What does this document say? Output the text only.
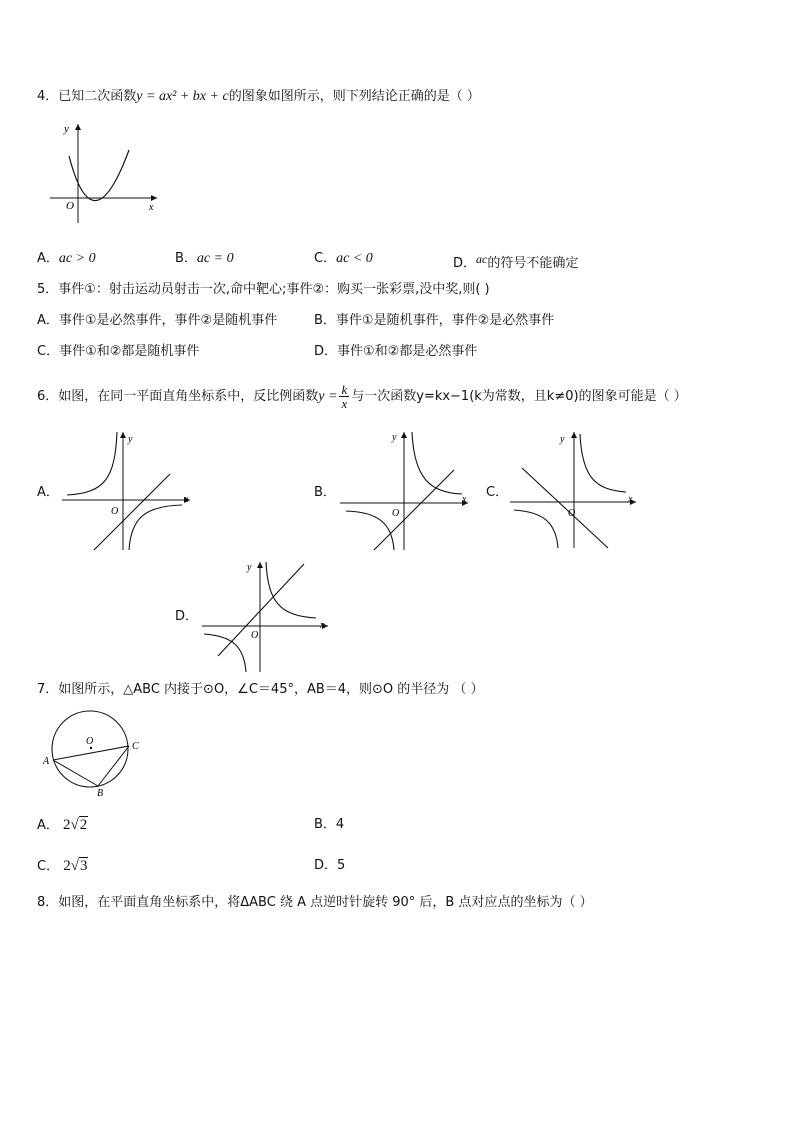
4．已知二次函数y = ax² + bx + c的图象如图所示，则下列结论正确的是（ ）
y
x
O
A．ac > 0	B．ac = 0	C．ac < 0	D．ac的符号不能确定
5．事件①：射击运动员射击一次,命中靶心;事件②：购买一张彩票,没中奖,则( )
A．事件①是必然事件，事件②是随机事件	B．事件①是随机事件，事件②是必然事件
C．事件①和②都是随机事件	D．事件①和②都是必然事件
6．如图，在同一平面直角坐标系中，反比例函数$y = \frac{k}{x}$ 与一次函数y=kx−1(k为常数，且k≠0)的图象可能是（ ）
A．
y
x
O
B．
y
x
O
C．
y
x
O
D．
y
x
O
7．如图所示，△ABC 内接于⊙O，∠C＝45°，AB＝4，则⊙O 的半径为 （ ）
O
A
B
C
A． 2√2	B．4
C． 2√3	D．5
8．如图，在平面直角坐标系中，将ΔABC 绕 A 点逆时针旋转 90° 后，B 点对应点的坐标为（ ）
